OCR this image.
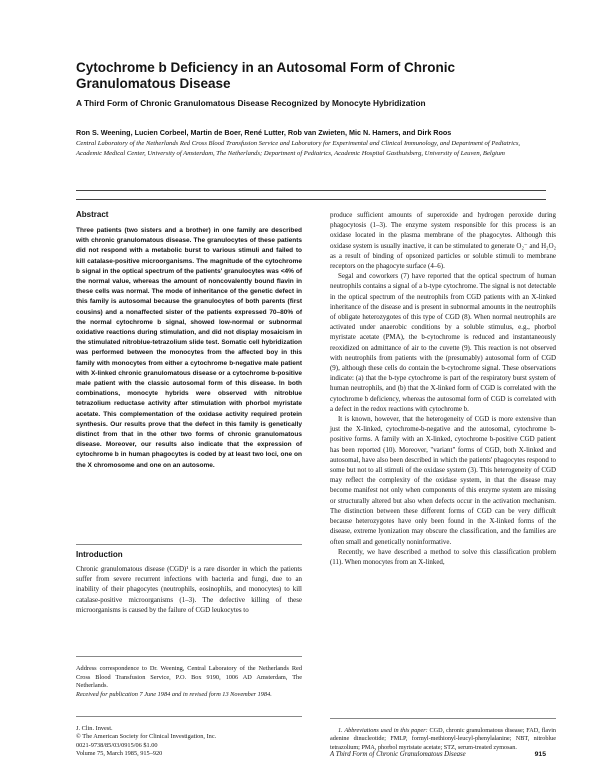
Cytochrome b Deficiency in an Autosomal Form of Chronic Granulomatous Disease
A Third Form of Chronic Granulomatous Disease Recognized by Monocyte Hybridization
Ron S. Weening, Lucien Corbeel, Martin de Boer, René Lutter, Rob van Zwieten, Mic N. Hamers, and Dirk Roos
Central Laboratory of the Netherlands Red Cross Blood Transfusion Service and Laboratory for Experimental and Clinical Immunology, and Department of Pediatrics, Academic Medical Center, University of Amsterdam, The Netherlands; Department of Pediatrics, Academic Hospital Gasthuisberg, University of Leuven, Belgium
Abstract

Three patients (two sisters and a brother) in one family are described with chronic granulomatous disease. The granulocytes of these patients did not respond with a metabolic burst to various stimuli and failed to kill catalase-positive microorganisms. The magnitude of the cytochrome b signal in the optical spectrum of the patients' granulocytes was <4% of the normal value, whereas the amount of noncovalently bound flavin in these cells was normal. The mode of inheritance of the genetic defect in this family is autosomal because the granulocytes of both parents (first cousins) and a nonaffected sister of the patients expressed 70–80% of the normal cytochrome b signal, showed low-normal or subnormal oxidative reactions during stimulation, and did not display mosaicism in the stimulated nitroblue-tetrazolium slide test. Somatic cell hybridization was performed between the monocytes from the affected boy in this family with monocytes from either a cytochrome b-negative male patient with X-linked chronic granulomatous disease or a cytochrome b-positive male patient with the classic autosomal form of this disease. In both combinations, monocyte hybrids were observed with nitroblue tetrazolium reductase activity after stimulation with phorbol myristate acetate. This complementation of the oxidase activity required protein synthesis. Our results prove that the defect in this family is genetically distinct from that in the other two forms of chronic granulomatous disease. Moreover, our results also indicate that the expression of cytochrome b in human phagocytes is coded by at least two loci, one on the X chromosome and one on an autosome.

Introduction

Chronic granulomatous disease (CGD)¹ is a rare disorder in which the patients suffer from severe recurrent infections with bacteria and fungi, due to an inability of their phagocytes (neutrophils, eosinophils, and monocytes) to kill catalase-positive microorganisms (1–3). The defective killing of these microorganisms is caused by the failure of CGD leukocytes to

Address correspondence to Dr. Weening, Central Laboratory of the Netherlands Red Cross Blood Transfusion Service, P.O. Box 9190, 1006 AD Amsterdam, The Netherlands.

Received for publication 7 June 1984 and in revised form 13 November 1984.

J. Clin. Invest.

© The American Society for Clinical Investigation, Inc.

0021-9738/85/03/0915/06 $1.00

Volume 75, March 1985, 915–920

produce sufficient amounts of superoxide and hydrogen peroxide during phagocytosis (1–3). The enzyme system responsible for this process is an oxidase located in the plasma membrane of the phagocytes. Although this oxidase system is usually inactive, it can be stimulated to generate O₂⁻ and H₂O₂ as a result of binding of opsonized particles or soluble stimuli to membrane receptors on the phagocyte surface (4–6).

Segal and coworkers (7) have reported that the optical spectrum of human neutrophils contains a signal of a b-type cytochrome. The signal is not detectable in the optical spectrum of the neutrophils from CGD patients with an X-linked inheritance of the disease and is present in subnormal amounts in the neutrophils of obligate heterozygotes of this type of CGD (8). When normal neutrophils are activated under anaerobic conditions by a soluble stimulus, e.g., phorbol myristate acetate (PMA), the b-cytochrome is reduced and instantaneously reoxidized on admittance of air to the cuvette (9). This reaction is not observed with neutrophils from patients with the (presumably) autosomal form of CGD (9), although these cells do contain the b-cytochrome signal. These observations indicate: (a) that the b-type cytochrome is part of the respiratory burst system of human neutrophils, and (b) that the X-linked form of CGD is correlated with the cytochrome b deficiency, whereas the autosomal form of CGD is correlated with a defect in the redox reactions with cytochrome b.

It is known, however, that the heterogeneity of CGD is more extensive than just the X-linked, cytochrome-b-negative and the autosomal, cytochrome b-positive forms. A family with an X-linked, cytochrome b-positive CGD patient has been reported (10). Moreover, "variant" forms of CGD, both X-linked and autosomal, have also been described in which the patients' phagocytes respond to some but not to all stimuli of the oxidase system (3). This heterogeneity of CGD may reflect the complexity of the oxidase system, in that the disease may become manifest not only when components of this enzyme system are missing or structurally altered but also when defects occur in the activation mechanism. The distinction between these different forms of CGD can be very difficult because heterozygotes have only been found in the X-linked forms of the disease, extreme lyonization may obscure the classification, and the families are often small and genetically noninformative.

Recently, we have described a method to solve this classification problem (11). When monocytes from an X-linked,

1. Abbreviations used in this paper: CGD, chronic granulomatous disease; FAD, flavin adenine dinucleotide; FMLP, formyl-methionyl-leucyl-phenylalanine; NBT, nitroblue tetrazolium; PMA, phorbol myristate acetate; STZ, serum-treated zymosan.

A Third Form of Chronic Granulomatous Disease	915
